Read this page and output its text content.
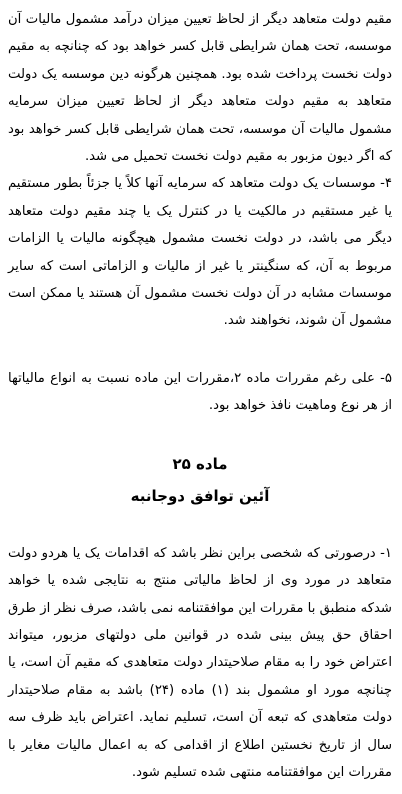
مقیم دولت متعاهد دیگر از لحاظ تعیین میزان درآمد مشمول مالیات آن موسسه، تحت همان شرایطی قابل کسر خواهد بود که چنانچه به مقیم دولت نخست پرداخت شده بود. همچنین هرگونه دین موسسه یک دولت متعاهد به مقیم دولت متعاهد دیگر از لحاظ تعیین میزان سرمایه مشمول مالیات آن موسسه، تحت همان شرایطی قابل کسر خواهد بود که اگر دیون مزبور به مقیم دولت نخست تحمیل می شد.

۴- موسسات یک دولت متعاهد که سرمایه آنها کلاً یا جزئاً بطور مستقیم یا غیر مستقیم در مالکیت یا در کنترل یک یا چند مقیم دولت متعاهد دیگر می باشد، در دولت نخست مشمول هیچگونه مالیات یا الزامات مربوط به آن، که سنگینتر یا غیر از مالیات و الزاماتی است که سایر موسسات مشابه در آن دولت نخست مشمول آن هستند یا ممکن است مشمول آن شوند، نخواهند شد.

۵- علی رغم مقررات ماده ۲،مقررات این ماده نسبت به انواع مالیاتها از هر نوع وماهیت نافذ خواهد بود.

ماده ۲۵
آئین توافق دوجانبه

۱- درصورتی که شخصی براین نظر باشد که اقدامات یک یا هردو دولت متعاهد در مورد وی از لحاظ مالیاتی منتج به نتایجی شده یا خواهد شدکه منطبق با مقررات این موافقتنامه نمی باشد، صرف نظر از طرق احقاق حق پیش بینی شده در قوانین ملی دولتهای مزبور، میتواند اعتراض خود را به مقام صلاحیتدار دولت متعاهدی که مقیم آن است، یا چنانچه مورد او مشمول بند (۱) ماده (۲۴) باشد به مقام صلاحیتدار دولت متعاهدی که تبعه آن است، تسلیم نماید. اعتراض باید ظرف سه سال از تاریخ نخستین اطلاع از اقدامی که به اعمال مالیات مغایر با مقررات این موافقتنامه منتهی شده تسلیم شود.
